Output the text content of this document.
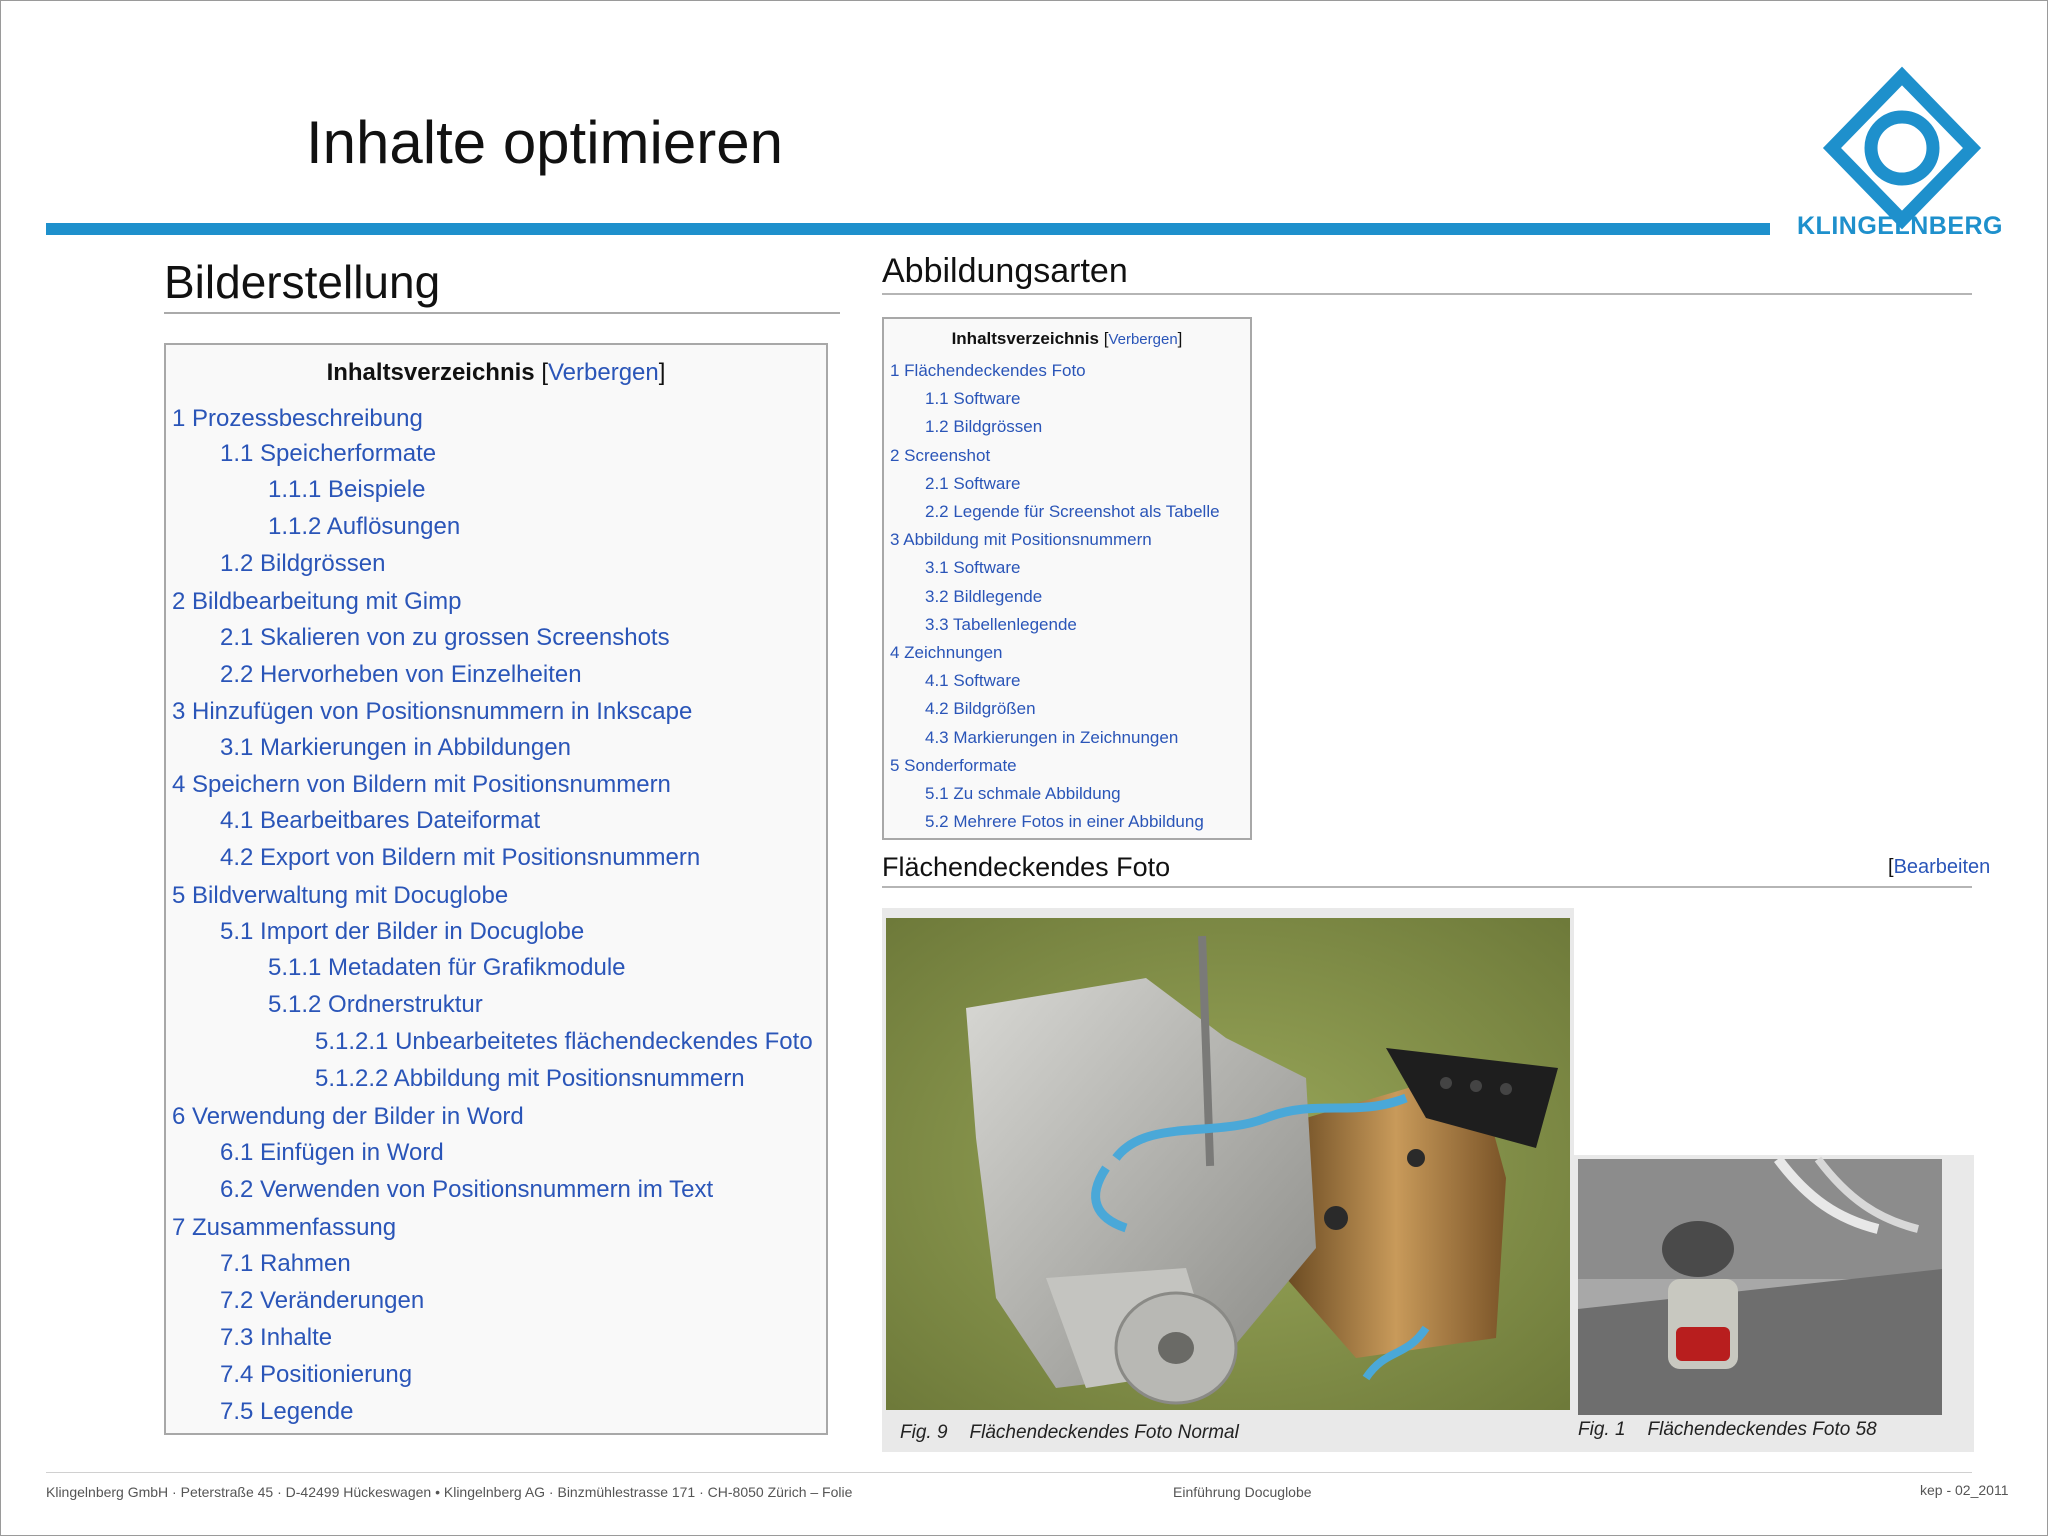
Inhalte optimieren
KLINGELNBERG
Bilderstellung
Inhaltsverzeichnis [Verbergen]
1 Prozessbeschreibung
1.1 Speicherformate
1.1.1 Beispiele
1.1.2 Auflösungen
1.2 Bildgrössen
2 Bildbearbeitung mit Gimp
2.1 Skalieren von zu grossen Screenshots
2.2 Hervorheben von Einzelheiten
3 Hinzufügen von Positionsnummern in Inkscape
3.1 Markierungen in Abbildungen
4 Speichern von Bildern mit Positionsnummern
4.1 Bearbeitbares Dateiformat
4.2 Export von Bildern mit Positionsnummern
5 Bildverwaltung mit Docuglobe
5.1 Import der Bilder in Docuglobe
5.1.1 Metadaten für Grafikmodule
5.1.2 Ordnerstruktur
5.1.2.1 Unbearbeitetes flächendeckendes Foto
5.1.2.2 Abbildung mit Positionsnummern
6 Verwendung der Bilder in Word
6.1 Einfügen in Word
6.2 Verwenden von Positionsnummern im Text
7 Zusammenfassung
7.1 Rahmen
7.2 Veränderungen
7.3 Inhalte
7.4 Positionierung
7.5 Legende
Abbildungsarten
Inhaltsverzeichnis [Verbergen]
1 Flächendeckendes Foto
1.1 Software
1.2 Bildgrössen
2 Screenshot
2.1 Software
2.2 Legende für Screenshot als Tabelle
3 Abbildung mit Positionsnummern
3.1 Software
3.2 Bildlegende
3.3 Tabellenlegende
4 Zeichnungen
4.1 Software
4.2 Bildgrößen
4.3 Markierungen in Zeichnungen
5 Sonderformate
5.1 Zu schmale Abbildung
5.2 Mehrere Fotos in einer Abbildung
Flächendeckendes Foto	[Bearbeiten
Fig. 9 Flächendeckendes Foto Normal	Fig. 1 Flächendeckendes Foto 58
Klingelnberg GmbH · Peterstraße 45 · D-42499 Hückeswagen • Klingelnberg AG · Binzmühlestrasse 171 · CH-8050 Zürich – Folie	Einführung Docuglobe	kep - 02_2011
